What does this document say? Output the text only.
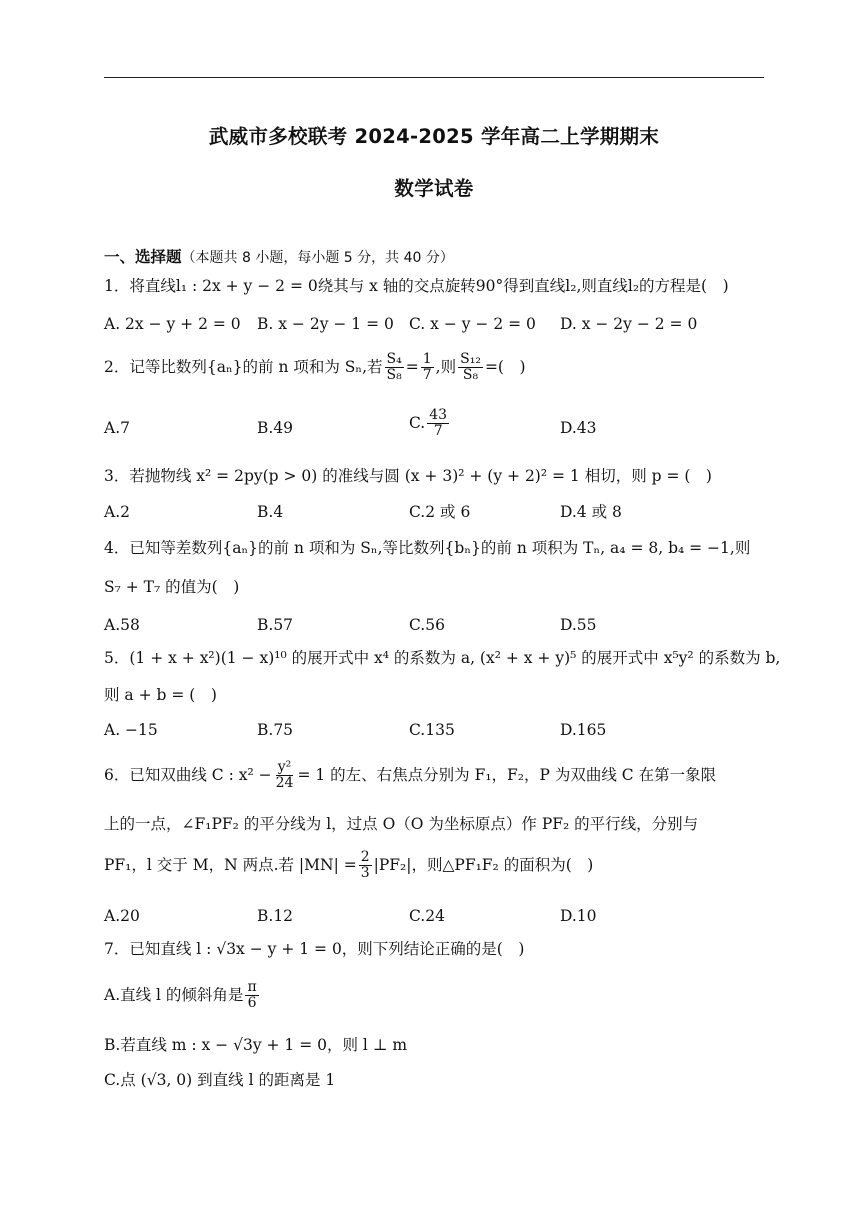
武威市多校联考 2024-2025 学年高二上学期期末
数学试卷
一、选择题（本题共 8 小题，每小题 5 分，共 40 分）
1．将直线l₁ : 2x + y − 2 = 0绕其与 x 轴的交点旋转90°得到直线l₂,则直线l₂的方程是(　)
A. 2x − y + 2 = 0 B. x − 2y − 1 = 0 C. x − y − 2 = 0 D. x − 2y − 2 = 0
2．记等比数列{aₙ}的前 n 项和为 Sₙ,若 $\frac{\text{S₄}}{\text{S₈}} = \frac{1}{7}$ ,则 $\frac{\text{S₁₂}}{\text{S₈}}$ =(　)
A.7	B.49	C. $\frac{43}{7}$	D.43
3．若抛物线 x² = 2py(p > 0) 的准线与圆 (x + 3)² + (y + 2)² = 1 相切，则 p = (　)
A.2	B.4	C.2 或 6	D.4 或 8
4．已知等差数列{aₙ}的前 n 项和为 Sₙ,等比数列{bₙ}的前 n 项积为 Tₙ, a₄ = 8, b₄ = −1,则
S₇ + T₇ 的值为(　)
A.58	B.57	C.56	D.55
5．(1 + x + x²)(1 − x)¹⁰ 的展开式中 x⁴ 的系数为 a, (x² + x + y)⁵ 的展开式中 x⁵y² 的系数为 b,
则 a + b = (　)
A. −15	B.75	C.135	D.165
6．已知双曲线 C : $x^2 - \frac{\text{y²}}{24} = 1$ 的左、右焦点分别为 F₁，F₂，P 为双曲线 C 在第一象限
上的一点，∠F₁PF₂ 的平分线为 l，过点 O（O 为坐标原点）作 PF₂ 的平行线，分别与
PF₁，l 交于 M，N 两点.若 $|MN| = \frac{2}{3} |PF_2|$，则△PF₁F₂ 的面积为(　)
A.20	B.12	C.24	D.10
7．已知直线 l : √3x − y + 1 = 0，则下列结论正确的是(　)
A.直线 l 的倾斜角是 $\frac{\pi}{6}$
B.若直线 m : x − √3y + 1 = 0，则 l ⊥ m
C.点 (√3, 0) 到直线 l 的距离是 1
